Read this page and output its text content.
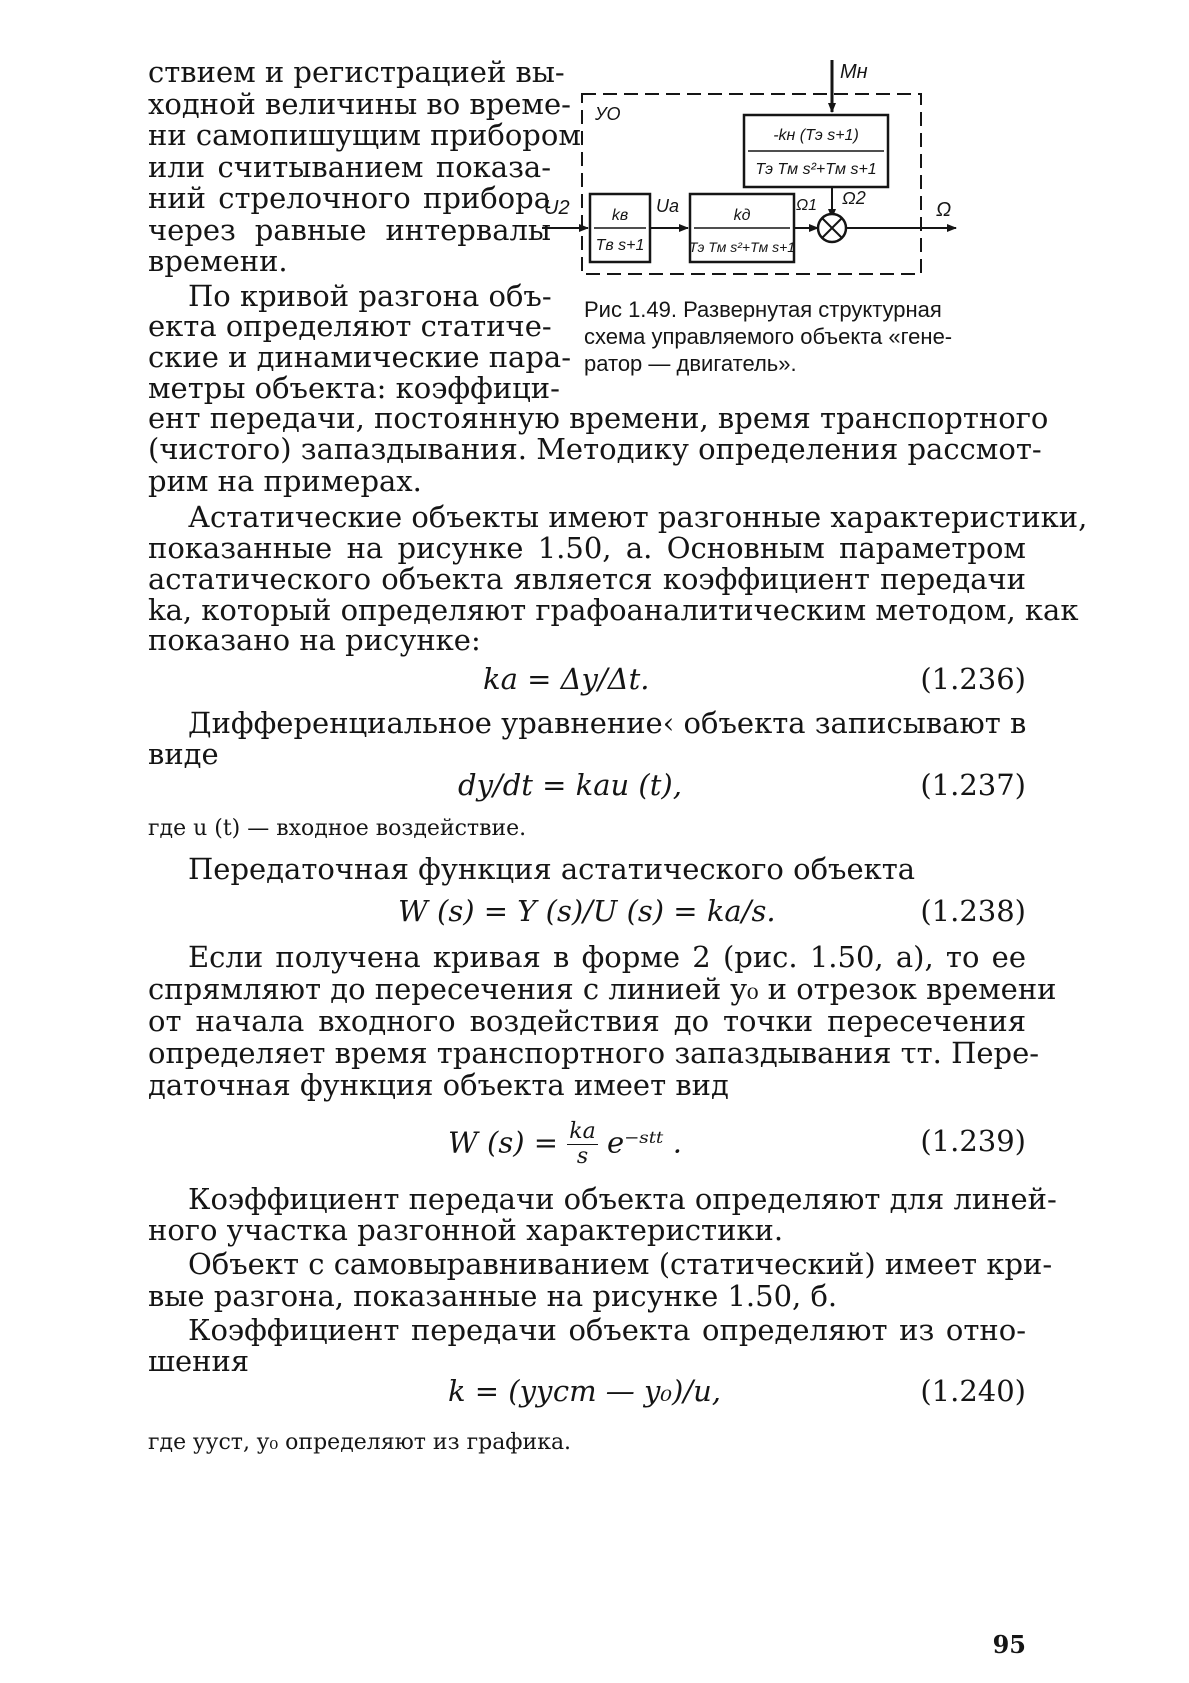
УО
Mн
-kн (Tэ s+1)
Tэ Tм s²+Tм s+1
Ω2
U2	kв
Tв s+1
Uа	kд
Tэ Tм s²+Tм s+1
Ω1	Ω
Рис 1.49. Развернутая структурная
схема управляемого объекта «гене-
ратор — двигатель».

ствием и регистрацией вы-

ходной величины во време-

ни самопишущим прибором

или считыванием показа-

ний стрелочного прибора

через равные интервалы

времени.

По кривой разгона объ-

екта определяют статиче-

ские и динамические пара-

метры объекта: коэффици-

ент передачи, постоянную времени, время транспортного

(чистого) запаздывания. Методику определения рассмот-

рим на примерах.

Астатические объекты имеют разгонные характеристики,

показанные на рисунке 1.50, а. Основным параметром

астатического объекта является коэффициент передачи

kа, который определяют графоаналитическим методом, как

показано на рисунке:

kа = Δy/Δt.	(1.236)

Дифференциальное уравнение‹ объекта записывают в

виде

dy/dt = kаu (t),	(1.237)

где u (t) — входное воздействие.

Передаточная функция астатического объекта

W (s) = Y (s)/U (s) = kа/s.	(1.238)

Если получена кривая в форме 2 (рис. 1.50, а), то ее

спрямляют до пересечения с линией y₀ и отрезок времени

от начала входного воздействия до точки пересечения

определяет время транспортного запаздывания τт. Пере-

даточная функция объекта имеет вид

W (s) = kа
s e⁻ˢᵗᵗ .	(1.239)

Коэффициент передачи объекта определяют для линей-

ного участка разгонной характеристики.

Объект с самовыравниванием (статический) имеет кри-

вые разгона, показанные на рисунке 1.50, б.

Коэффициент передачи объекта определяют из отно-

шения

k = (yуст — y₀)/u,	(1.240)

где yуст, y₀ определяют из графика.

95
